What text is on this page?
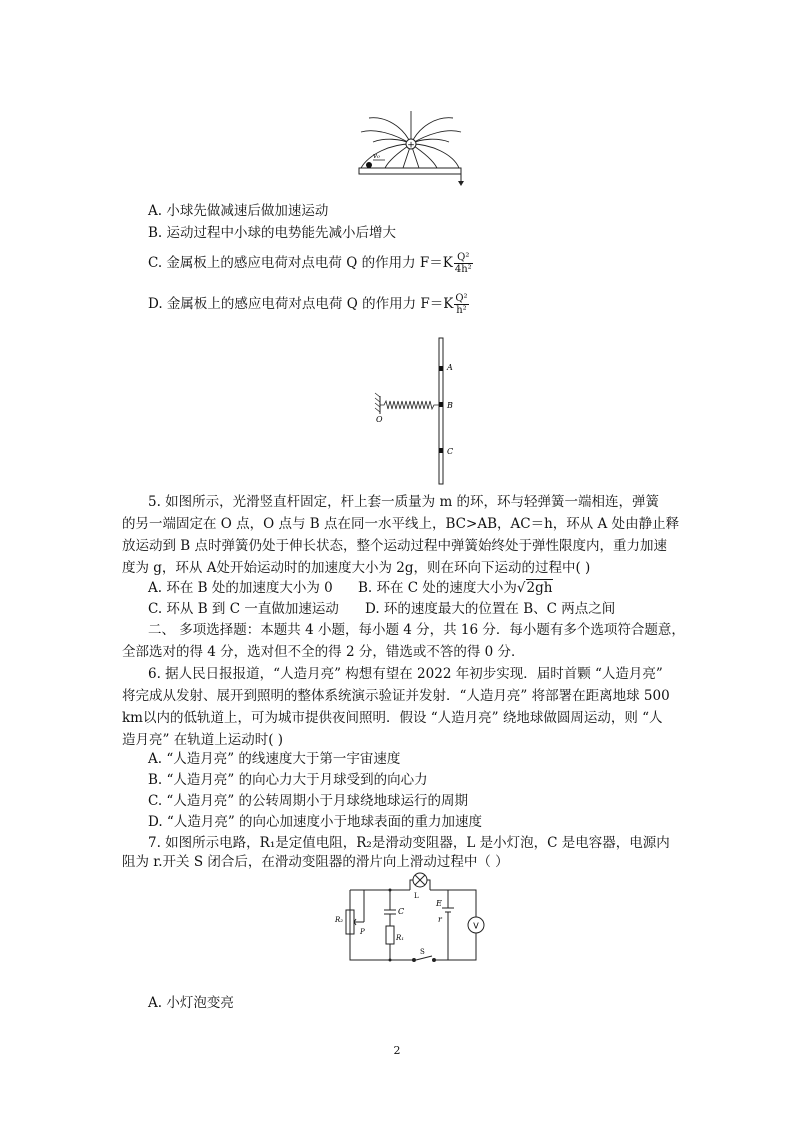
+
v₀
A. 小球先做减速后做加速运动
B. 运动过程中小球的电势能先减小后增大
C. 金属板上的感应电荷对点电荷 Q 的作用力 $F=K \frac{\text{Q²}}{\text{4h²}}$
D. 金属板上的感应电荷对点电荷 Q 的作用力 $F=K \frac{\text{Q²}}{\text{h²}}$
A
B
C
O
5. 如图所示，光滑竖直杆固定，杆上套一质量为 m 的环，环与轻弹簧一端相连，弹簧
的另一端固定在 O 点，O 点与 B 点在同一水平线上，BC>AB，AC＝h，环从 A 处由静止释
放运动到 B 点时弹簧仍处于伸长状态，整个运动过程中弹簧始终处于弹性限度内，重力加速
度为 g，环从 A处开始运动时的加速度大小为 2g，则在环向下运动的过程中( )
A. 环在 B 处的加速度大小为 0 B. 环在 C 处的速度大小为√2gh
C. 环从 B 到 C 一直做加速运动 D. 环的速度最大的位置在 B、C 两点之间
二、 多项选择题：本题共 4 小题，每小题 4 分，共 16 分．每小题有多个选项符合题意，
全部选对的得 4 分，选对但不全的得 2 分，错选或不答的得 0 分．
6. 据人民日报报道，“人造月亮” 构想有望在 2022 年初步实现．届时首颗 “人造月亮”
将完成从发射、展开到照明的整体系统演示验证并发射．“人造月亮” 将部署在距离地球 500
km以内的低轨道上，可为城市提供夜间照明．假设 “人造月亮” 绕地球做圆周运动，则 “人
造月亮” 在轨道上运动时( )
A. “人造月亮” 的线速度大于第一宇宙速度
B. “人造月亮” 的向心力大于月球受到的向心力
C. “人造月亮” 的公转周期小于月球绕地球运行的周期
D. “人造月亮” 的向心加速度小于地球表面的重力加速度
7. 如图所示电路，R₁是定值电阻，R₂是滑动变阻器，L 是小灯泡，C 是电容器，电源内
阻为 r.开关 S 闭合后，在滑动变阻器的滑片向上滑动过程中（ ）
L
C
E
r
V
R₂
R₁
P
S
A. 小灯泡变亮
2
